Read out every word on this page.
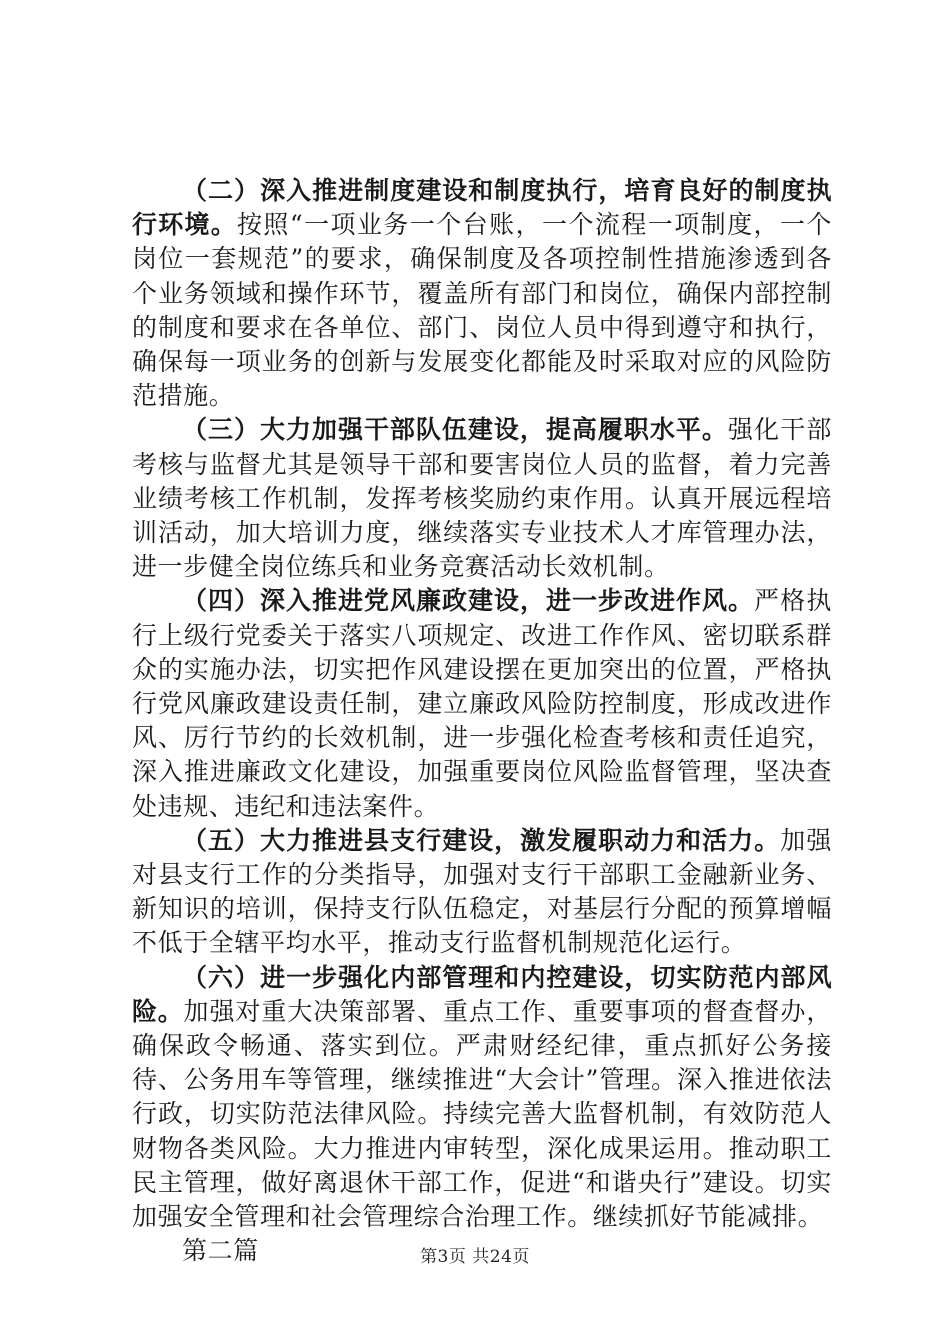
（二）深入推进制度建设和制度执行，培育良好的制度执行环境。按照“一项业务一个台账，一个流程一项制度，一个岗位一套规范”的要求，确保制度及各项控制性措施渗透到各个业务领域和操作环节，覆盖所有部门和岗位，确保内部控制的制度和要求在各单位、部门、岗位人员中得到遵守和执行，确保每一项业务的创新与发展变化都能及时采取对应的风险防范措施。

（三）大力加强干部队伍建设，提高履职水平。强化干部考核与监督尤其是领导干部和要害岗位人员的监督，着力完善业绩考核工作机制，发挥考核奖励约束作用。认真开展远程培训活动，加大培训力度，继续落实专业技术人才库管理办法，进一步健全岗位练兵和业务竞赛活动长效机制。

（四）深入推进党风廉政建设，进一步改进作风。严格执行上级行党委关于落实八项规定、改进工作作风、密切联系群众的实施办法，切实把作风建设摆在更加突出的位置，严格执行党风廉政建设责任制，建立廉政风险防控制度，形成改进作风、厉行节约的长效机制，进一步强化检查考核和责任追究，深入推进廉政文化建设，加强重要岗位风险监督管理，坚决查处违规、违纪和违法案件。

（五）大力推进县支行建设，激发履职动力和活力。加强对县支行工作的分类指导，加强对支行干部职工金融新业务、新知识的培训，保持支行队伍稳定，对基层行分配的预算增幅不低于全辖平均水平，推动支行监督机制规范化运行。

（六）进一步强化内部管理和内控建设，切实防范内部风险。加强对重大决策部署、重点工作、重要事项的督查督办，确保政令畅通、落实到位。严肃财经纪律，重点抓好公务接待、公务用车等管理，继续推进“大会计”管理。深入推进依法行政，切实防范法律风险。持续完善大监督机制，有效防范人财物各类风险。大力推进内审转型，深化成果运用。推动职工民主管理，做好离退休干部工作，促进“和谐央行”建设。切实加强安全管理和社会管理综合治理工作。继续抓好节能减排。

第二篇	第3页 共24页
